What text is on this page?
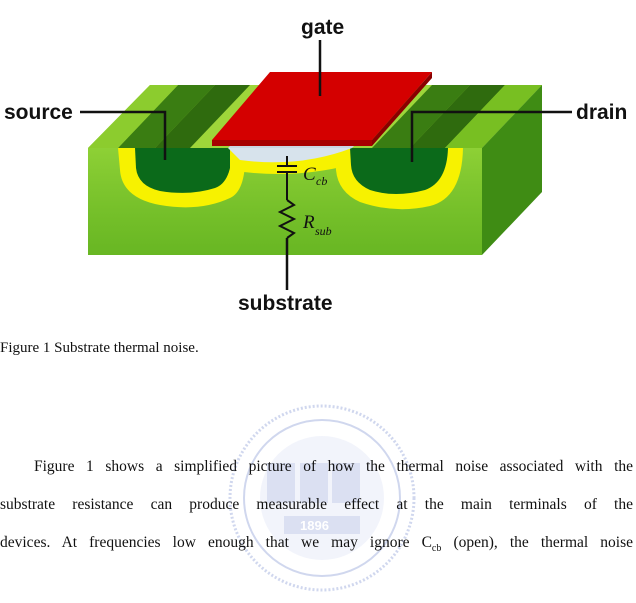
gate
source	drain
substrate
C cb
R sub
Figure 1 Substrate thermal noise.
1896
Figure 1 shows a simplified picture of how the thermal noise associated with the
substrate resistance can produce measurable effect at the main terminals of the
devices. At frequencies low enough that we may ignore $C_{cb}$ (open), the thermal noise
